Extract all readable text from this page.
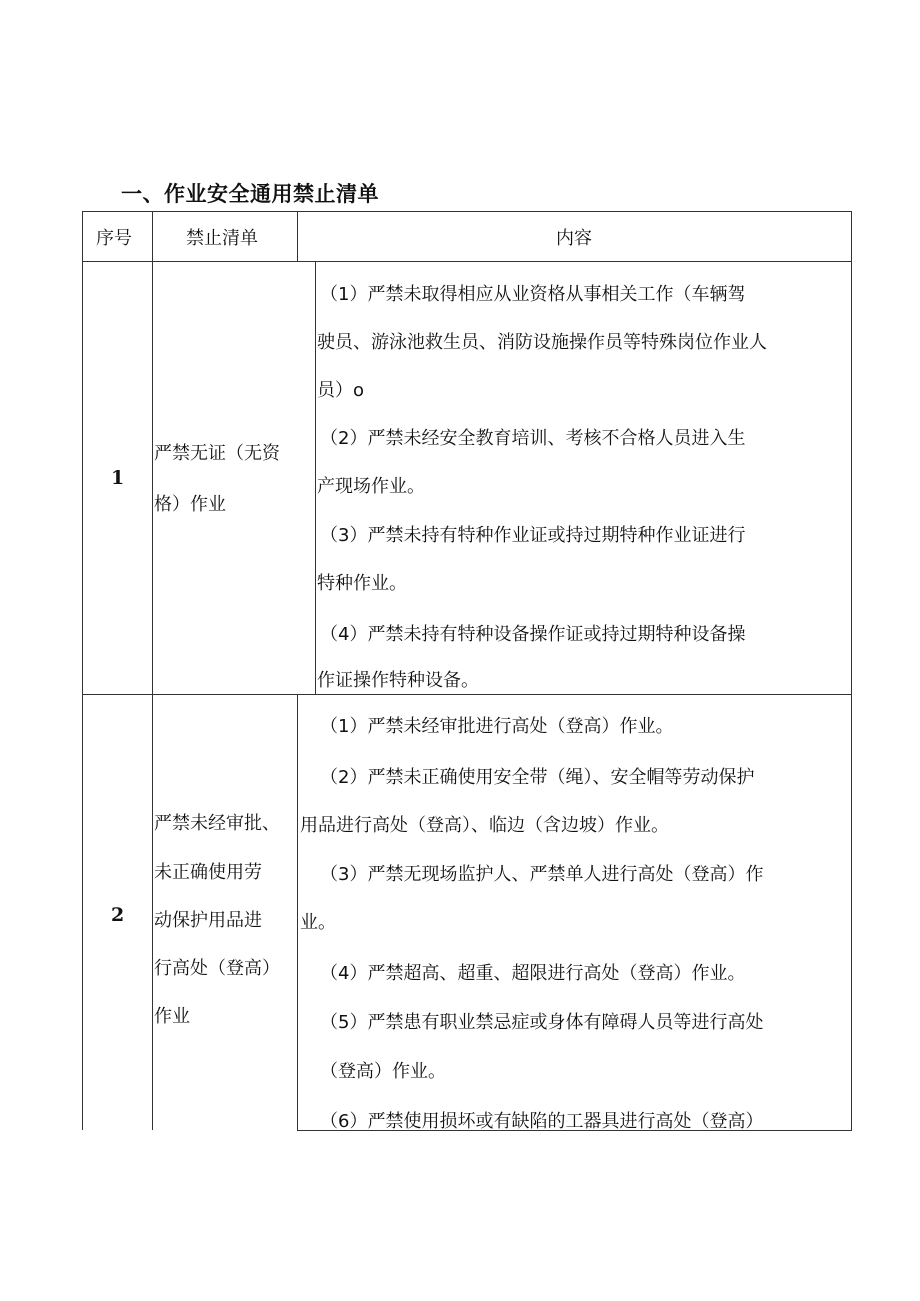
一、作业安全通用禁止清单
序号	禁止清单	内容
1
严禁无证（无资
格）作业
（1）严禁未取得相应从业资格从事相关工作（车辆驾
驶员、游泳池救生员、消防设施操作员等特殊岗位作业人
员）o
（2）严禁未经安全教育培训、考核不合格人员进入生
产现场作业。
（3）严禁未持有特种作业证或持过期特种作业证进行
特种作业。
（4）严禁未持有特种设备操作证或持过期特种设备操
作证操作特种设备。
2
严禁未经审批、
未正确使用劳
动保护用品进
行高处（登高）
作业
（1）严禁未经审批进行高处（登高）作业。
（2）严禁未正确使用安全带（绳）、安全帽等劳动保护
用品进行高处（登高）、临边（含边坡）作业。
（3）严禁无现场监护人、严禁单人进行高处（登高）作
业。
（4）严禁超高、超重、超限进行高处（登高）作业。
（5）严禁患有职业禁忌症或身体有障碍人员等进行高处
（登高）作业。
（6）严禁使用损坏或有缺陷的工器具进行高处（登高）
